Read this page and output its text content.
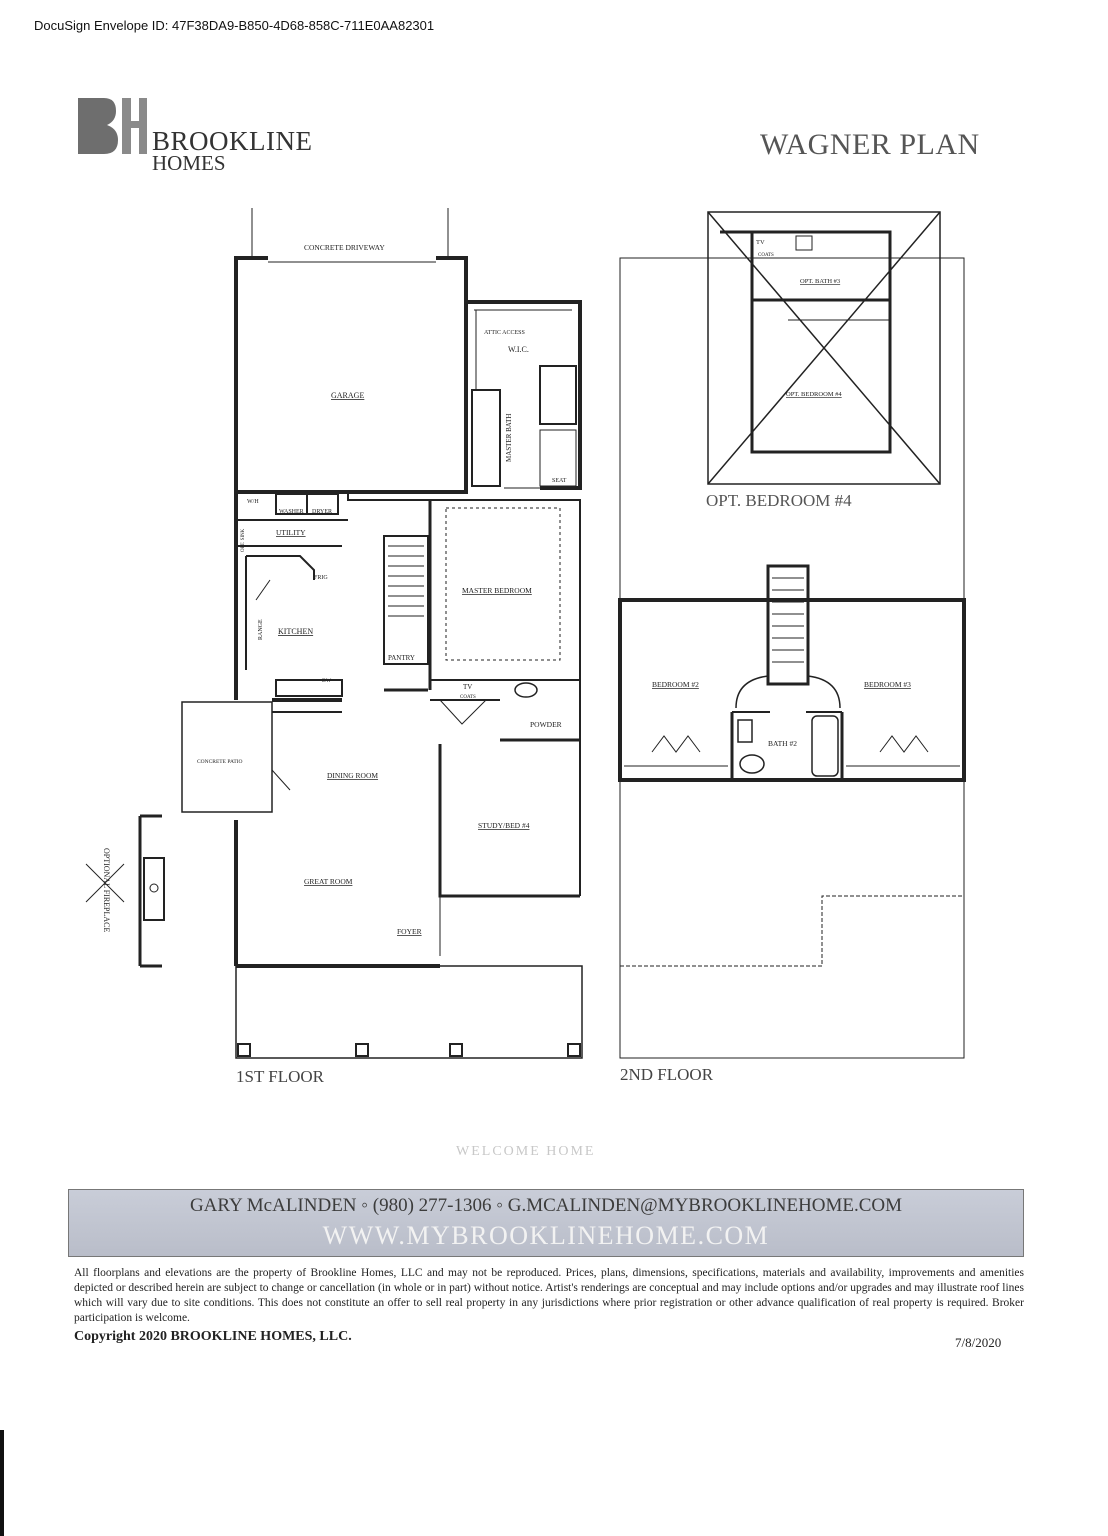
DocuSign Envelope ID: 47F38DA9-B850-4D68-858C-711E0AA82301
BROOKLINE
HOMES
WAGNER PLAN
CONCRETE DRIVEWAY
GARAGE
ATTIC ACCESS
W.I.C.
MASTER BATH
SEAT
W/H
WASHER DRYER
UTILITY
OPT. SINK
FRIG
RANGE KITCHEN
DW
PANTRY
MASTER BEDROOM
TV
COATS
POWDER
CONCRETE PATIO
DINING ROOM
STUDY/BED #4
GREAT ROOM
FOYER
OPTIONAL FIREPLACE
BEDROOM #2	BEDROOM #3
BATH #2
TV
COATS
OPT. BATH #3
OPT. BEDROOM #4
1ST FLOOR	2ND FLOOR
OPT. BEDROOM #4
WELCOME HOME
GARY McALINDEN ◦ (980) 277-1306 ◦ G.MCALINDEN@MYBROOKLINEHOME.COM
WWW.MYBROOKLINEHOME.COM
All floorplans and elevations are the property of Brookline Homes, LLC and may not be reproduced. Prices, plans, dimensions, specifications, materials and availability, improvements and amenities depicted or described herein are subject to change or cancellation (in whole or in part) without notice. Artist's renderings are conceptual and may include options and/or upgrades and may illustrate roof lines which will vary due to site conditions. This does not constitute an offer to sell real property in any jurisdictions where prior registration or other advance qualification of real property is required. Broker participation is welcome.
Copyright 2020 BROOKLINE HOMES, LLC.	7/8/2020
